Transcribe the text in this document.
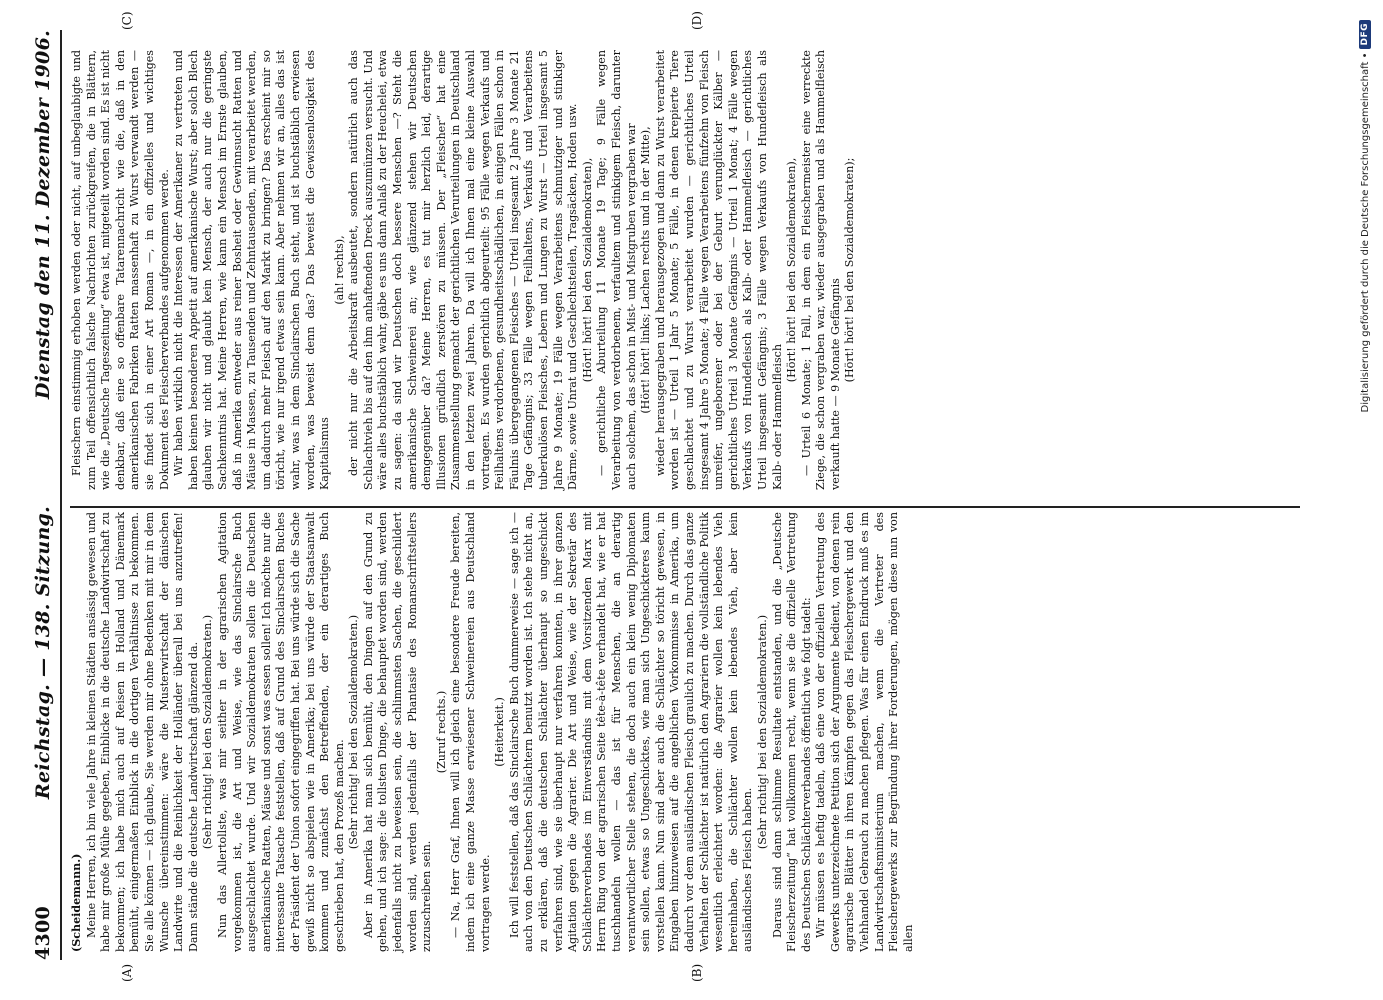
4300
Reichstag. — 138. Sitzung.
Dienstag den 11. Dezember 1906.
(A)	(B)
(C)	(D)

(Scheidemann.) Meine Herren, ich bin viele Jahre in kleinen Städten ansässig gewesen und habe mir große Mühe gegeben, Einblicke in die deutsche Landwirtschaft zu bekommen; ich habe mich auch auf Reisen in Holland und Dänemark bemüht, einigermaßen Einblick in die dortigen Verhältnisse zu bekommen. Sie alle können — ich glaube, Sie werden mir ohne Bedenken mit mir in dem Wunsche übereinstimmen: wäre die Musterwirtschaft der dänischen Landwirte und die Reinlichkeit der Holländer überall bei uns anzutreffen! Dann stände die deutsche Landwirtschaft glänzend da. (Sehr richtig! bei den Sozialdemokraten.) Nun das Allertollste, was mir seither in der agrarischen Agitation vorgekommen ist, die Art und Weise, wie das Sinclairsche Buch ausgeschlachtet wurde. Und wir Sozialdemokraten sollen die Deutschen amerikanische Ratten, Mäuse und sonst was essen sollen! Ich möchte nur die interessante Tatsache feststellen, daß auf Grund des Sinclairschen Buches der Präsident der Union sofort eingegriffen hat. Bei uns würde sich die Sache gewiß nicht so abspielen wie in Amerika; bei uns würde der Staatsanwalt kommen und zunächst den Betreffenden, der ein derartiges Buch geschrieben hat, den Prozeß machen. (Sehr richtig! bei den Sozialdemokraten.) Aber in Amerika hat man sich bemüht, den Dingen auf den Grund zu gehen, und ich sage: die tollsten Dinge, die behauptet worden sind, werden jedenfalls nicht zu beweisen sein, die schlimmsten Sachen, die geschildert worden sind, werden jedenfalls der Phantasie des Romanschriftstellers zuzuschreiben sein.

(Zuruf rechts.) — Na, Herr Graf, Ihnen will ich gleich eine besondere Freude bereiten, indem ich eine ganze Masse erwiesener Schweinereien aus Deutschland vortragen werde.

(Heiterkeit.) Ich will feststellen, daß das Sinclairsche Buch dummerweise — sage ich — auch von den Deutschen Schlächtern benutzt worden ist. Ich stehe nicht an, zu erklären, daß die deutschen Schlächter überhaupt so ungeschickt verfahren sind, wie sie überhaupt nur verfahren konnten, in ihrer ganzen Agitation gegen die Agrarier. Die Art und Weise, wie der Sekretär des Schlächterverbandes im Einverständnis mit dem Vorsitzenden Marx mit Herrn Ring von der agrarischen Seite tête-à-tête verhandelt hat, wie er hat tuschhandeln wollen — das ist für Menschen, die an derartig verantwortlicher Stelle stehen, die doch auch ein klein wenig Diplomaten sein sollen, etwas so Ungeschicktes, wie man sich Ungeschickteres kaum vorstellen kann. Nun sind aber auch die Schlächter so töricht gewesen, in Eingaben hinzuweisen auf die angeblichen Vorkommnisse in Amerika, um dadurch vor dem ausländischen Fleisch graulich zu machen. Durch das ganze Verhalten der Schlächter ist natürlich den Agrariern die vollständliche Politik wesentlich erleichtert worden: die Agrarier wollen kein lebendes Vieh hereinhaben, die Schlächter wollen kein lebendes Vieh, aber kein ausländisches Fleisch haben.

(Sehr richtig! bei den Sozialdemokraten.) Daraus sind dann schlimme Resultate entstanden, und die „Deutsche Fleischerzeitung“ hat vollkommen recht, wenn sie die offizielle Vertretung des Deutschen Schlächterverbandes öffentlich wie folgt tadelt: Wir müssen es heftig tadeln, daß eine von der offiziellen Vertretung des Gewerks unterzeichnete Petition sich der Argumente bedient, von denen rein agrarische Blätter in ihren Kämpfen gegen das Fleischergewerk und den Viehhandel Gebrauch zu machen pflegen. Was für einen Eindruck muß es im Landwirtschaftsministerium machen, wenn die Vertreter des Fleischergewerks zur Begründung ihrer Forderungen, mögen diese nun von allen

Fleischern einstimmig erhoben werden oder nicht, auf unbeglaubigte und zum Teil offensichtlich falsche Nachrichten zurückgreifen, die in Blättern, wie die „Deutsche Tageszeitung“ etwa ist, mitgeteilt worden sind. Es ist nicht denkbar, daß eine so offenbare Tatarennachricht wie die, daß in den amerikanischen Fabriken Ratten massenhaft zu Wurst verwandt werden — sie findet sich in einer Art Roman —, in ein offizielles und wichtiges Dokument des Fleischerverbandes aufgenommen werde. Wir haben wirklich nicht die Interessen der Amerikaner zu vertreten und haben keinen besonderen Appetit auf amerikanische Wurst; aber solch Blech glauben wir nicht und glaubt kein Mensch, der auch nur die geringste Sachkenntnis hat. Meine Herren, wie kann ein Mensch im Ernste glauben, daß in Amerika entweder aus reiner Bosheit oder Gewinnsucht Ratten und Mäuse in Massen, zu Tausenden und Zehntausenden, mit verarbeitet werden, um dadurch mehr Fleisch auf den Markt zu bringen? Das erscheint mir so töricht, wie nur irgend etwas sein kann. Aber nehmen wir an, alles das ist wahr, was in dem Sinclairschen Buch steht, und ist buchstäblich erwiesen worden, was beweist denn das? Das beweist die Gewissenlosigkeit des Kapitalismus

(ah! rechts), der nicht nur die Arbeitskraft ausbeutet, sondern natürlich auch das Schlachtvieh bis auf den ihm anhaftenden Dreck auszumünzen versucht. Und wäre alles buchstäblich wahr, gäbe es uns dann Anlaß zu der Heuchelei, etwa zu sagen: da sind wir Deutschen doch bessere Menschen —? Steht die amerikanische Schweinerei an; wie glänzend stehen wir Deutschen demgegenüber da? Meine Herren, es tut mir herzlich leid, derartige Illusionen gründlich zerstören zu müssen. Der „Fleischer“ hat eine Zusammenstellung gemacht der gerichtlichen Verurteilungen in Deutschland in den letzten zwei Jahren. Da will ich Ihnen mal eine kleine Auswahl vortragen. Es wurden gerichtlich abgeurteilt: 95 Fälle wegen Verkaufs und Feilhaltens verdorbenen, gesundheitsschädlichen, in einigen Fällen schon in Fäulnis übergegangenen Fleisches — Urteil insgesamt 2 Jahre 3 Monate 21 Tage Gefängnis; 33 Fälle wegen Feilhaltens, Verkaufs und Verarbeitens tuberkulösen Fleisches, Lebern und Lungen zu Wurst — Urteil insgesamt 5 Jahre 9 Monate; 19 Fälle wegen Verarbeitens schmutziger und stinkiger Därme, sowie Unrat und Geschlechtsteilen, Tragsäcken, Hoden usw. (Hört! hört! bei den Sozialdemokraten), — gerichtliche Aburteilung 11 Monate 19 Tage; 9 Fälle wegen Verarbeitung von verdorbenem, verfaultem und stinkigem Fleisch, darunter auch solchem, das schon in Mist- und Mistgruben vergraben war (Hört! hört! links; Lachen rechts und in der Mitte), wieder herausgegraben und herausgezogen und dann zu Wurst verarbeitet worden ist — Urteil 1 Jahr 5 Monate; 5 Fälle, in denen krepierte Tiere geschlachtet und zu Wurst verarbeitet wurden — gerichtliches Urteil insgesamt 4 Jahre 5 Monate; 4 Fälle wegen Verarbeitens fünfzehn von Fleisch unreifer, ungeborener oder bei der Geburt verunglückter Kälber — gerichtliches Urteil 3 Monate Gefängnis — Urteil 1 Monat; 4 Fälle wegen Verkaufs von Hundefleisch als Kalb- oder Hammelfleisch — gerichtliches Urteil insgesamt Gefängnis; 3 Fälle wegen Verkaufs von Hundefleisch als Kalb- oder Hammelfleisch

(Hört! hört! bei den Sozialdemokraten), — Urteil 6 Monate; 1 Fall, in dem ein Fleischermeister eine verreckte Ziege, die schon vergraben war, wieder ausgegraben und als Hammelfleisch verkauft hatte — 9 Monate Gefängnis

(Hört! hört! bei den Sozialdemokraten);	Digitalisierung gefördert durch die Deutsche Forschungsgemeinschaft •
DFG
